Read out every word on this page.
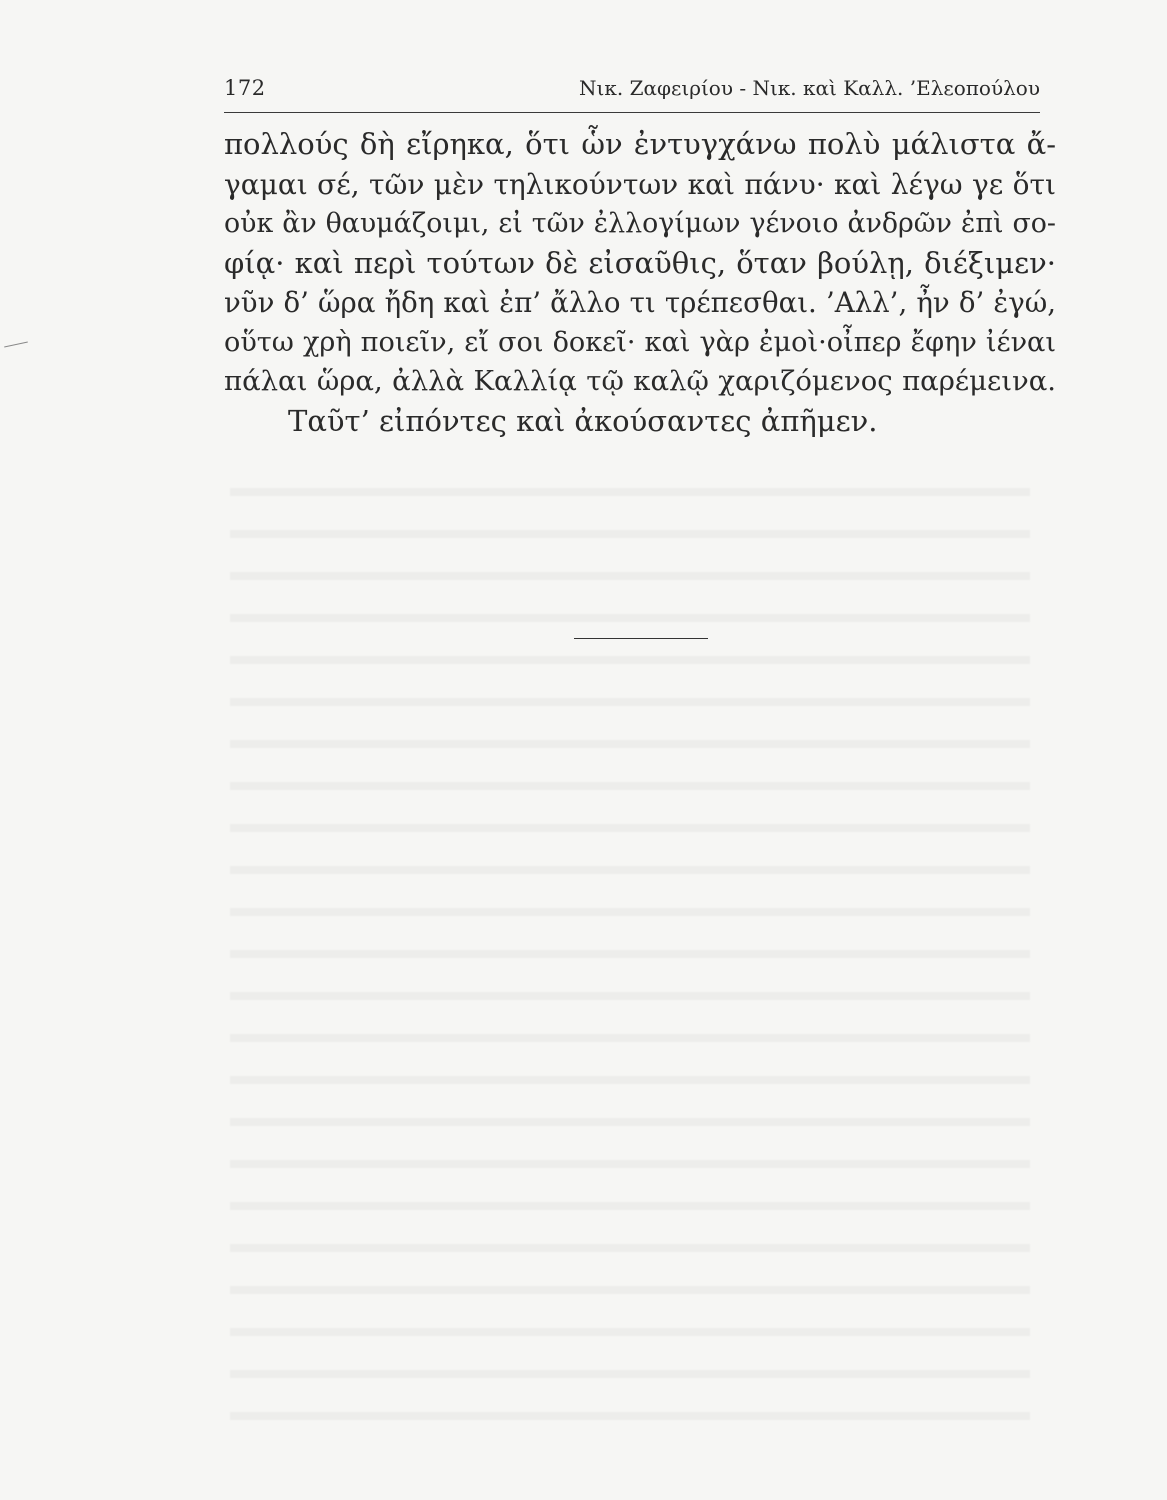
172	Νικ. Ζαφειρίου - Νικ. καὶ Καλλ. ’Ελεοπούλου
πολλούς δὴ εἴρηκα, ὅτι ὧν ἐντυγχάνω πολὺ μάλιστα ἄ-
γαμαι σέ, τῶν μὲν τηλικούντων καὶ πάνυ· καὶ λέγω γε ὅτι
οὐκ ἂν θαυμάζοιμι, εἰ τῶν ἐλλογίμων γένοιο ἀνδρῶν ἐπὶ σο-
φίᾳ· καὶ περὶ τούτων δὲ εἰσαῦθις, ὅταν βούλῃ, διέξιμεν·
νῦν δ’ ὥρα ἤδη καὶ ἐπ’ ἄλλο τι τρέπεσθαι. ’Αλλ’, ἦν δ’ ἐγώ,
οὕτω χρὴ ποιεῖν, εἴ σοι δοκεῖ· καὶ γὰρ ἐμοὶ·οἶπερ ἔφην ἰέναι
πάλαι ὥρα, ἀλλὰ Καλλίᾳ τῷ καλῷ χαριζόμενος παρέμεινα.
Ταῦτ’ εἰπόντες καὶ ἀκούσαντες ἀπῆμεν.
